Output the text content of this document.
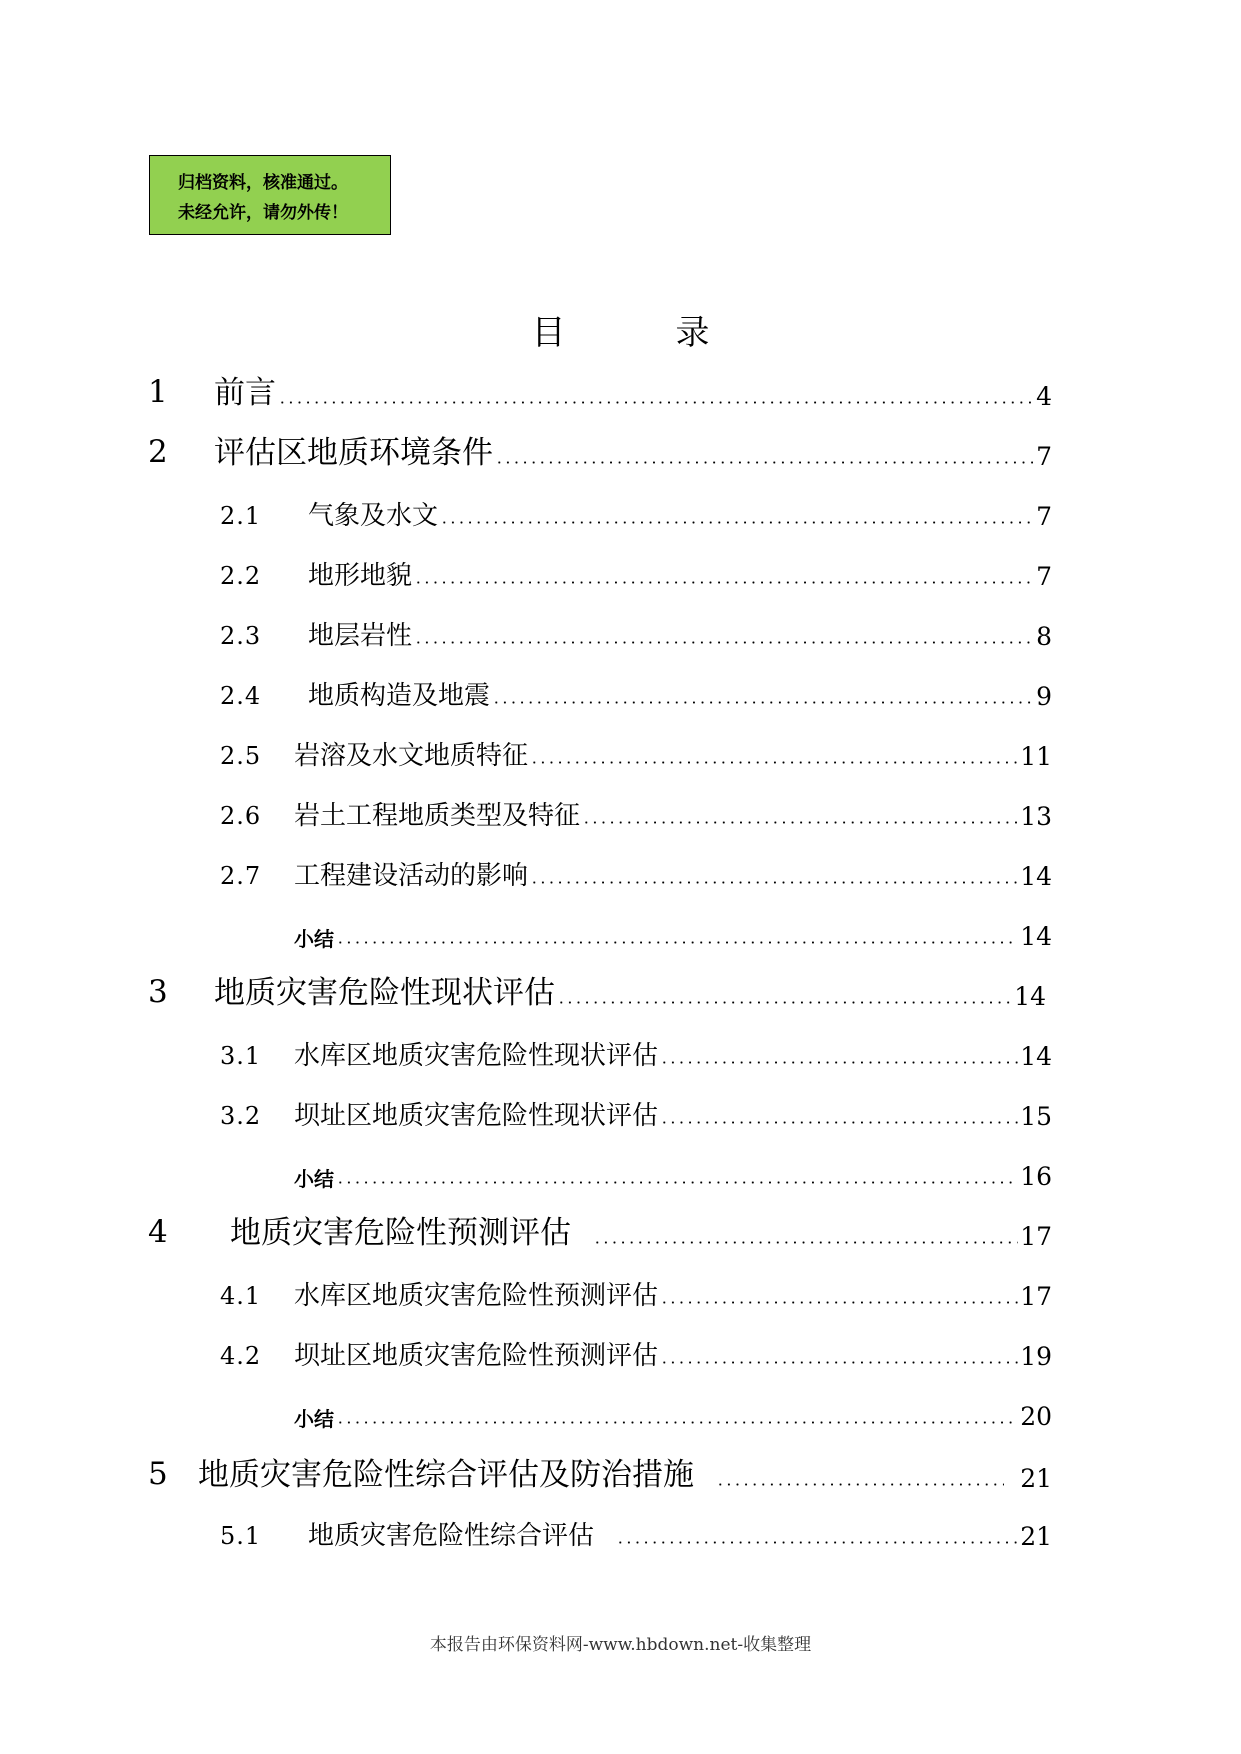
归档资料，核准通过。
未经允许，请勿外传！
目	录
1 前言	4
2 评估区地质环境条件	7
2.1 气象及水文	7
2.2 地形地貌	7
2.3 地层岩性	8
2.4 地质构造及地震	9
2.5 岩溶及水文地质特征	11
2.6 岩土工程地质类型及特征	13
2.7 工程建设活动的影响	14
小结	14
3 地质灾害危险性现状评估	14
3.1 水库区地质灾害危险性现状评估	14
3.2 坝址区地质灾害危险性现状评估	15
小结	16
4 地质灾害危险性预测评估	17
4.1 水库区地质灾害危险性预测评估	17
4.2 坝址区地质灾害危险性预测评估	19
小结	20
5 地质灾害危险性综合评估及防治措施	21
5.1 地质灾害危险性综合评估	21
本报告由环保资料网-www.hbdown.net-收集整理
